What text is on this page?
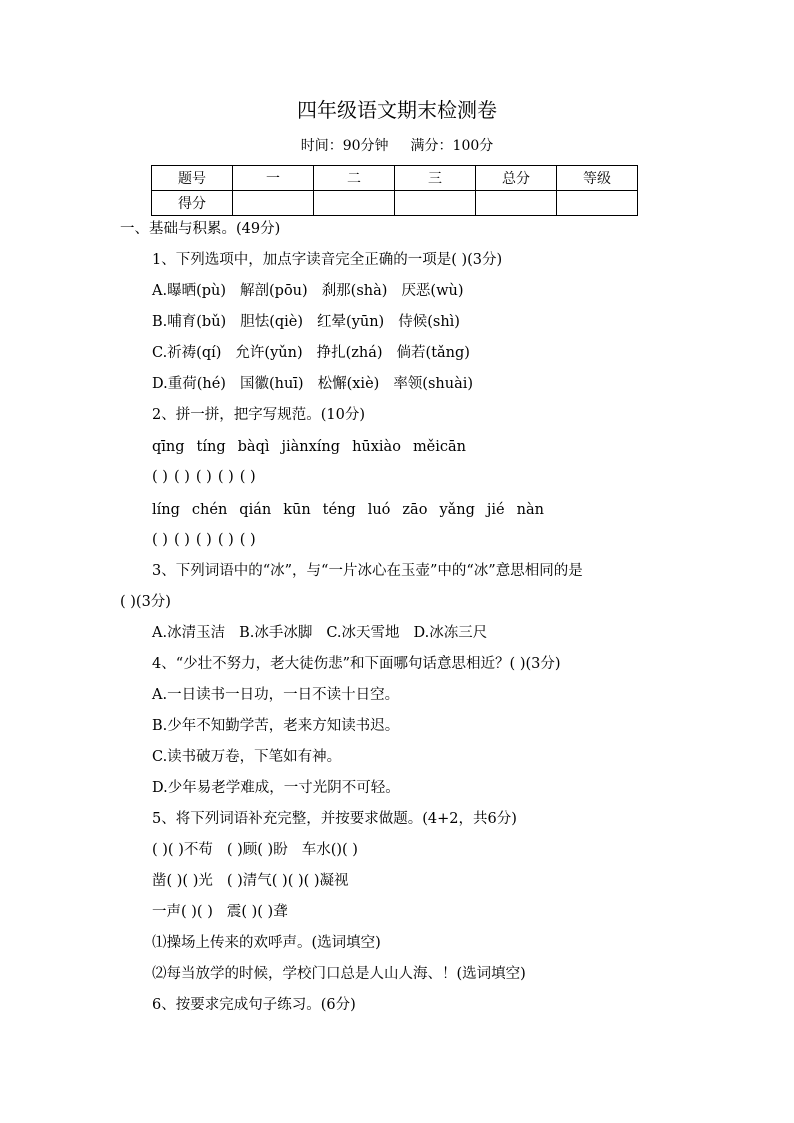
四年级语文期末检测卷
时间：90分钟 满分：100分
题号	一	二	三	总分	等级
得分					
一、基础与积累。(49分)
1、下列选项中，加点字读音完全正确的一项是( )(3分)
A.曝晒(pù) 解剖(pōu) 刹那(shà) 厌恶(wù)
B.哺育(bǔ) 胆怯(qiè) 红晕(yūn) 侍候(shì)
C.祈祷(qí) 允许(yǔn) 挣扎(zhá) 倘若(tǎng)
D.重荷(hé) 国徽(huī) 松懈(xiè) 率领(shuài)
2、拼一拼，把字写规范。(10分)
qīng tíng bàqì jiànxíng hūxiào měicān
( ) ( ) ( ) ( ) ( )
líng chén qián kūn téng luó zāo yǎng jié nàn
( ) ( ) ( ) ( ) ( )
3、下列词语中的“冰”，与“一片冰心在玉壶”中的“冰”意思相同的是
( )(3分)
A.冰清玉洁 B.冰手冰脚 C.冰天雪地 D.冰冻三尺
4、“少壮不努力，老大徒伤悲”和下面哪句话意思相近？( )(3分)
A.一日读书一日功，一日不读十日空。
B.少年不知勤学苦，老来方知读书迟。
C.读书破万卷，下笔如有神。
D.少年易老学难成，一寸光阴不可轻。
5、将下列词语补充完整，并按要求做题。(4+2，共6分)
( )( )不苟 ( )顾( )盼 车水()( )
凿( )( )光 ( )清气( )( )( )凝视
一声( )( ) 震( )( )聋
⑴操场上传来的欢呼声。(选词填空)
⑵每当放学的时候，学校门口总是人山人海、！(选词填空)
6、按要求完成句子练习。(6分)
